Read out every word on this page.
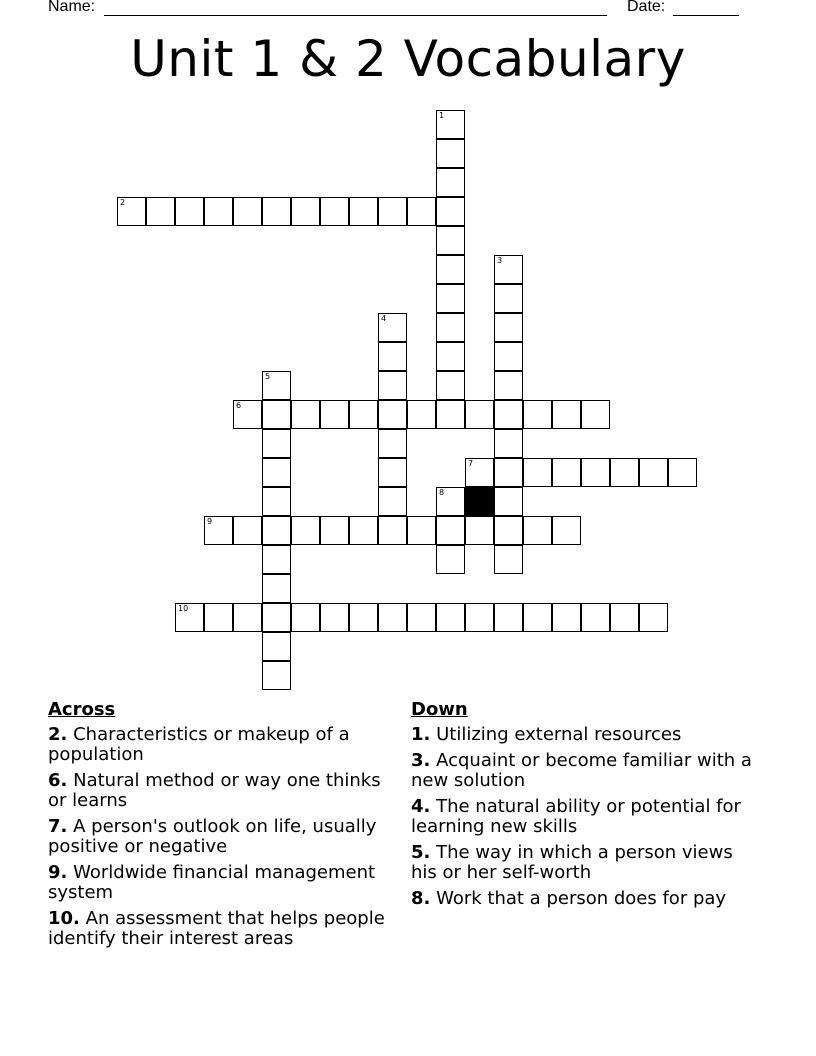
Name:	Date:
Unit 1 & 2 Vocabulary
1
2
3
4
5
6
7
8
9
10
Across
2. Characteristics or makeup of a population
6. Natural method or way one thinks or learns
7. A person's outlook on life, usually positive or negative
9. Worldwide financial management system
10. An assessment that helps people identify their interest areas
Down
1. Utilizing external resources
3. Acquaint or become familiar with a new solution
4. The natural ability or potential for learning new skills
5. The way in which a person views his or her self-worth
8. Work that a person does for pay
